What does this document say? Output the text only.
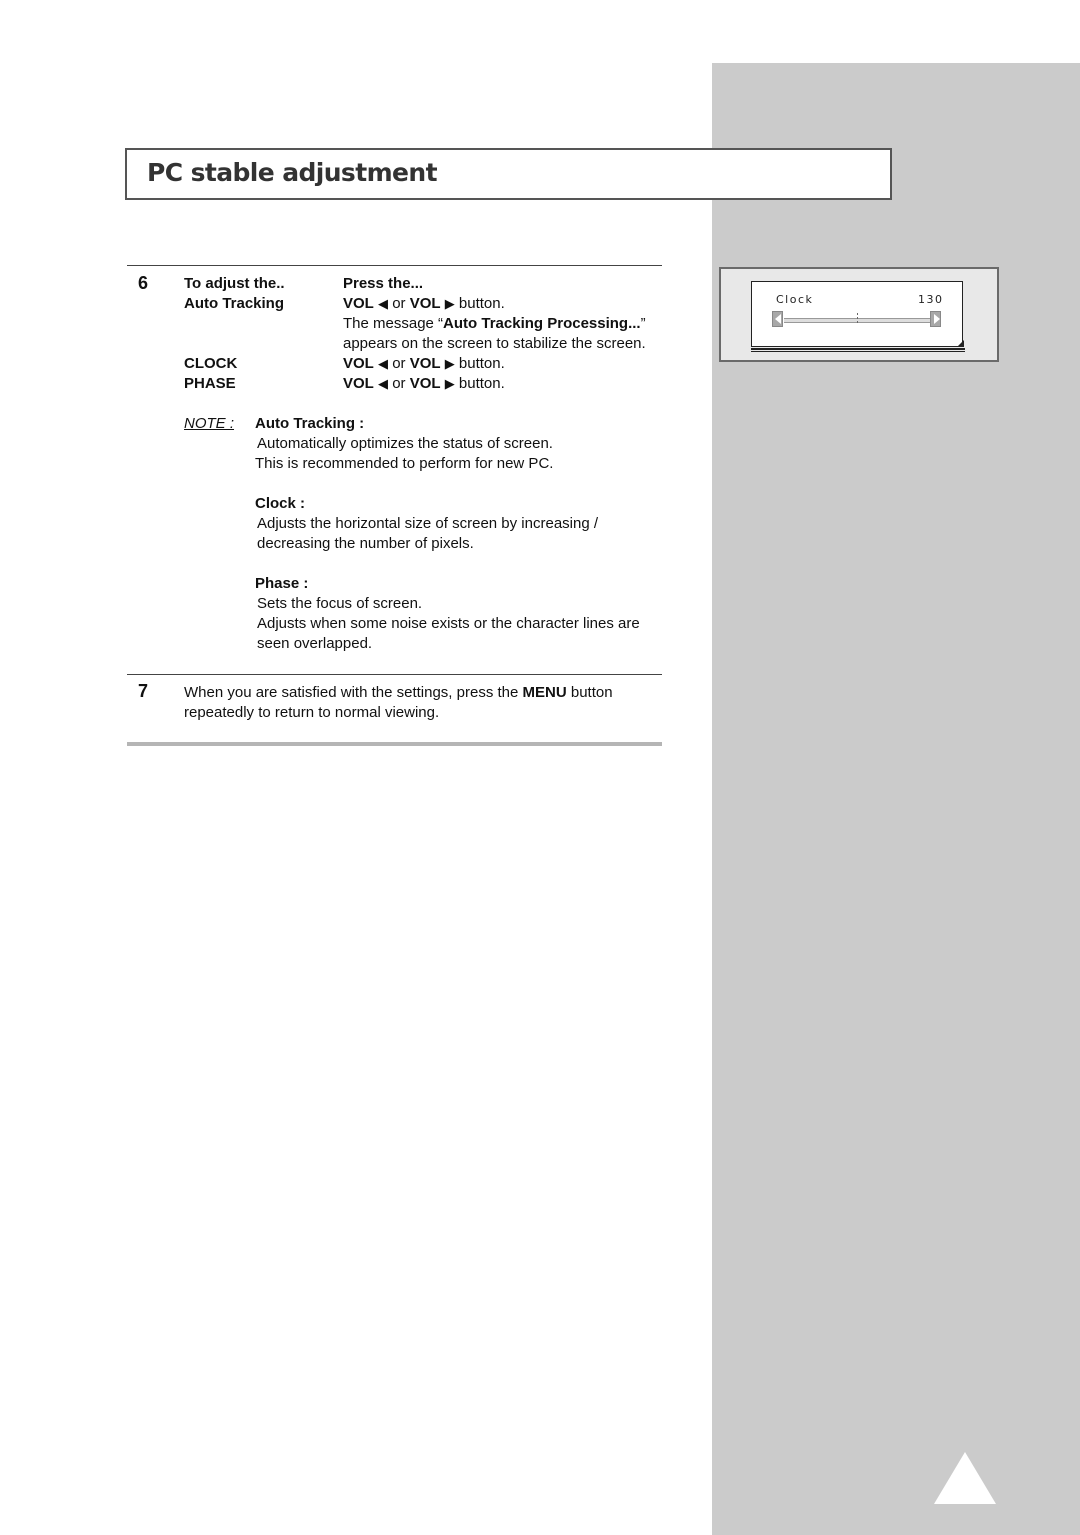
PC stable adjustment
6 To adjust the..	Press the...
Auto Tracking	VOL ◀ or VOL ▶ button.
The message “Auto Tracking Processing...”
appears on the screen to stabilize the screen.
CLOCK	VOL ◀ or VOL ▶ button.
PHASE	VOL ◀ or VOL ▶ button.
NOTE : Auto Tracking :
Automatically optimizes the status of screen.
This is recommended to perform for new PC.
Clock :
Adjusts the horizontal size of screen by increasing /
decreasing the number of pixels.
Phase :
Sets the focus of screen.
Adjusts when some noise exists or the character lines are
seen overlapped.
7 When you are satisfied with the settings, press the MENU button
repeatedly to return to normal viewing.
Clock	130
